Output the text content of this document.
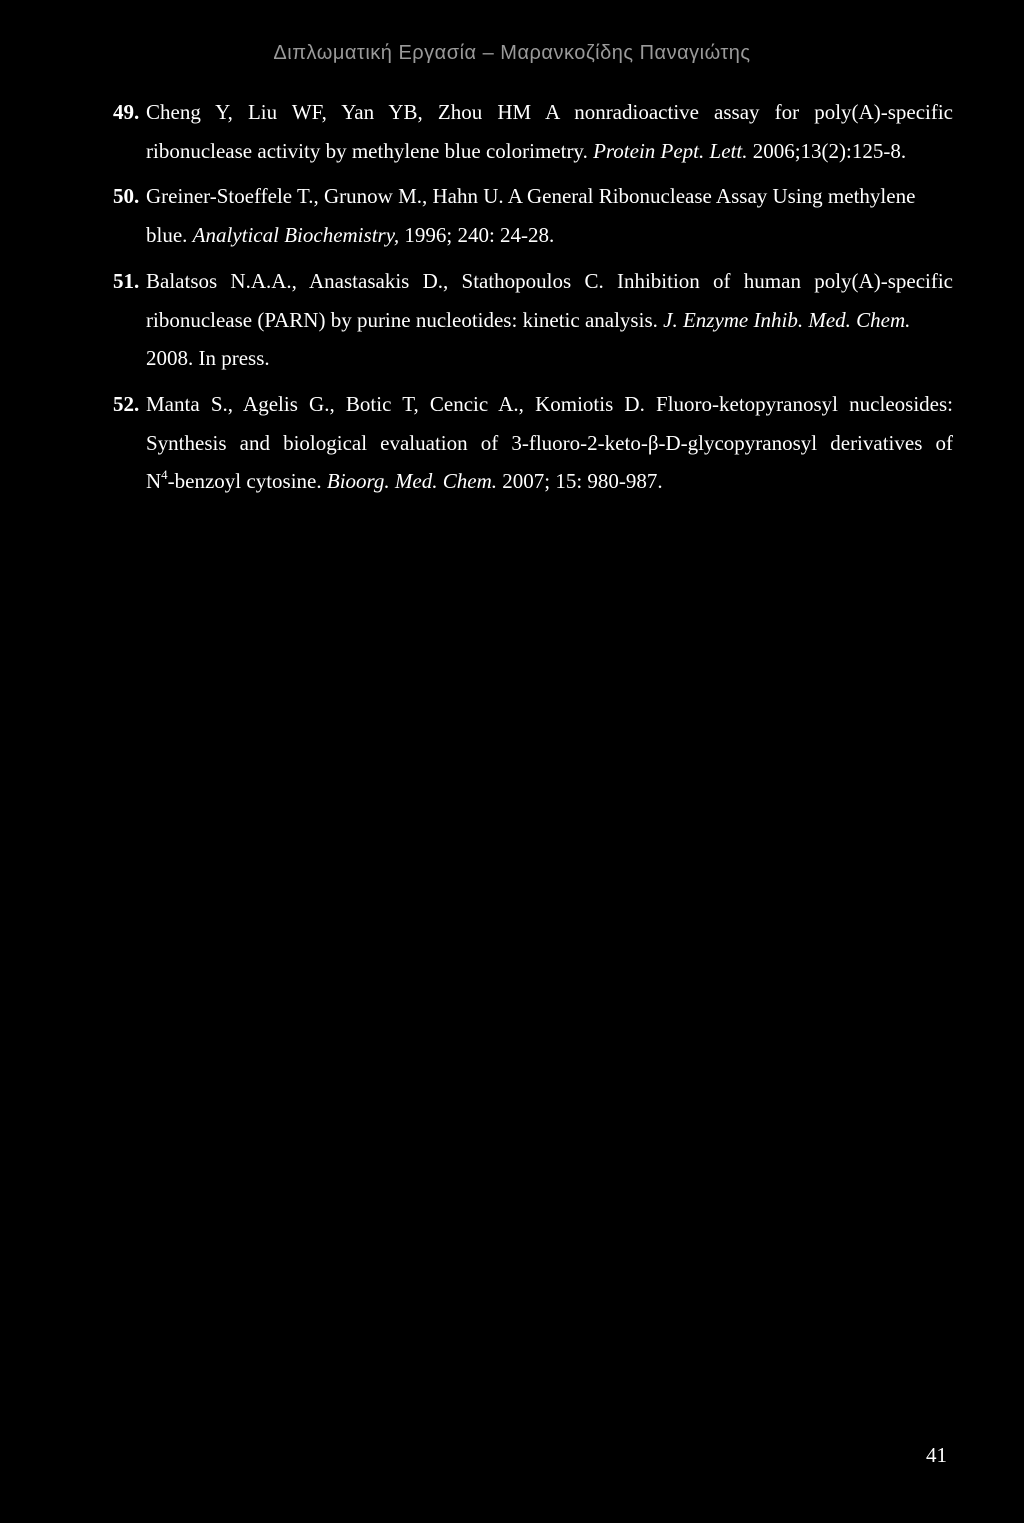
Διπλωματική Εργασία – Μαρανκοζίδης Παναγιώτης
49. Cheng Y, Liu WF, Yan YB, Zhou HM A nonradioactive assay for poly(A)-specific
ribonuclease activity by methylene blue colorimetry. Protein Pept. Lett. 2006;13(2):125-8.
50. Greiner-Stoeffele T., Grunow M., Hahn U. A General Ribonuclease Assay Using methylene
blue. Analytical Biochemistry, 1996; 240: 24-28.
51. Balatsos N.A.A., Anastasakis D., Stathopoulos C. Inhibition of human poly(A)-specific
ribonuclease (PARN) by purine nucleotides: kinetic analysis. J. Enzyme Inhib. Med. Chem.
2008. In press.
52. Manta S., Agelis G., Botic T, Cencic A., Komiotis D. Fluoro-ketopyranosyl nucleosides:
Synthesis and biological evaluation of 3-fluoro-2-keto-β-D-glycopyranosyl derivatives of
$N^4$-benzoyl cytosine. Bioorg. Med. Chem. 2007; 15: 980-987.
41
